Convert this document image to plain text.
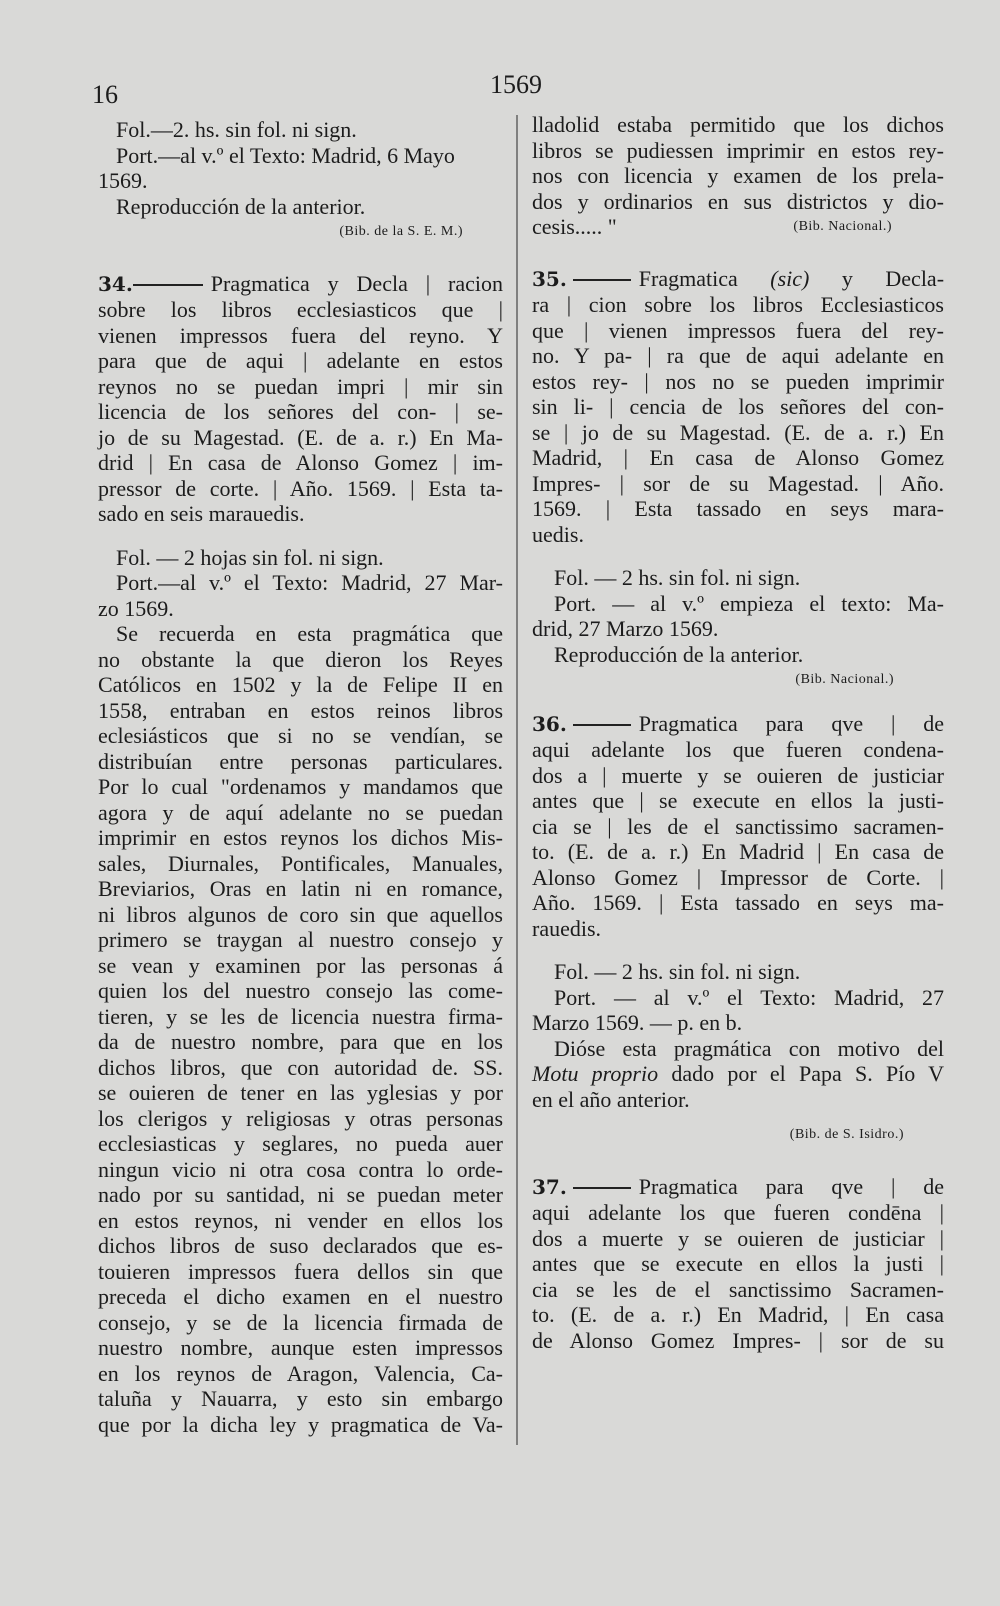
16	1569

Fol.—2. hs. sin fol. ni sign.

Port.—al v.º el Texto: Madrid, 6 Mayo

1569.

Reproducción de la anterior.

(Bib. de la S. E. M.)

34.	Pragmatica y Decla | racion

sobre los libros ecclesiasticos que |

vienen impressos fuera del reyno. Y

para que de aqui | adelante en estos

reynos no se puedan impri | mir sin

licencia de los señores del con- | se-

jo de su Magestad. (E. de a. r.) En Ma-

drid | En casa de Alonso Gomez | im-

pressor de corte. | Año. 1569. | Esta ta-

sado en seis marauedis.

Fol. — 2 hojas sin fol. ni sign.

Port.—al v.º el Texto: Madrid, 27 Mar-

zo 1569.

Se recuerda en esta pragmática que

no obstante la que dieron los Reyes

Católicos en 1502 y la de Felipe II en

1558, entraban en estos reinos libros

eclesiásticos que si no se vendían, se

distribuían entre personas particulares.

Por lo cual "ordenamos y mandamos que

agora y de aquí adelante no se puedan

imprimir en estos reynos los dichos Mis-

sales, Diurnales, Pontificales, Manuales,

Breviarios, Oras en latin ni en romance,

ni libros algunos de coro sin que aquellos

primero se traygan al nuestro consejo y

se vean y examinen por las personas á

quien los del nuestro consejo las come-

tieren, y se les de licencia nuestra firma-

da de nuestro nombre, para que en los

dichos libros, que con autoridad de. SS.

se ouieren de tener en las yglesias y por

los clerigos y religiosas y otras personas

ecclesiasticas y seglares, no pueda auer

ningun vicio ni otra cosa contra lo orde-

nado por su santidad, ni se puedan meter

en estos reynos, ni vender en ellos los

dichos libros de suso declarados que es-

touieren impressos fuera dellos sin que

preceda el dicho examen en el nuestro

consejo, y se de la licencia firmada de

nuestro nombre, aunque esten impressos

en los reynos de Aragon, Valencia, Ca-

taluña y Nauarra, y esto sin embargo

que por la dicha ley y pragmatica de Va-

lladolid estaba permitido que los dichos

libros se pudiessen imprimir en estos rey-

nos con licencia y examen de los prela-

dos y ordinarios en sus districtos y dio-

cesis..... "	(Bib. Nacional.)

35.	Fragmatica (sic) y Decla-

ra | cion sobre los libros Ecclesiasticos

que | vienen impressos fuera del rey-

no. Y pa- | ra que de aqui adelante en

estos rey- | nos no se pueden imprimir

sin li- | cencia de los señores del con-

se | jo de su Magestad. (E. de a. r.) En

Madrid, | En casa de Alonso Gomez

Impres- | sor de su Magestad. | Año.

1569. | Esta tassado en seys mara-

uedis.

Fol. — 2 hs. sin fol. ni sign.

Port. — al v.º empieza el texto: Ma-

drid, 27 Marzo 1569.

Reproducción de la anterior.

(Bib. Nacional.)

36.	Pragmatica para qve | de

aqui adelante los que fueren condena-

dos a | muerte y se ouieren de justiciar

antes que | se execute en ellos la justi-

cia se | les de el sanctissimo sacramen-

to. (E. de a. r.) En Madrid | En casa de

Alonso Gomez | Impressor de Corte. |

Año. 1569. | Esta tassado en seys ma-

rauedis.

Fol. — 2 hs. sin fol. ni sign.

Port. — al v.º el Texto: Madrid, 27

Marzo 1569. — p. en b.

Dióse esta pragmática con motivo del

Motu proprio dado por el Papa S. Pío V

en el año anterior.

(Bib. de S. Isidro.)

37.	Pragmatica para qve | de

aqui adelante los que fueren condēna |

dos a muerte y se ouieren de justiciar |

antes que se execute en ellos la justi |

cia se les de el sanctissimo Sacramen-

to. (E. de a. r.) En Madrid, | En casa

de Alonso Gomez Impres- | sor de su
